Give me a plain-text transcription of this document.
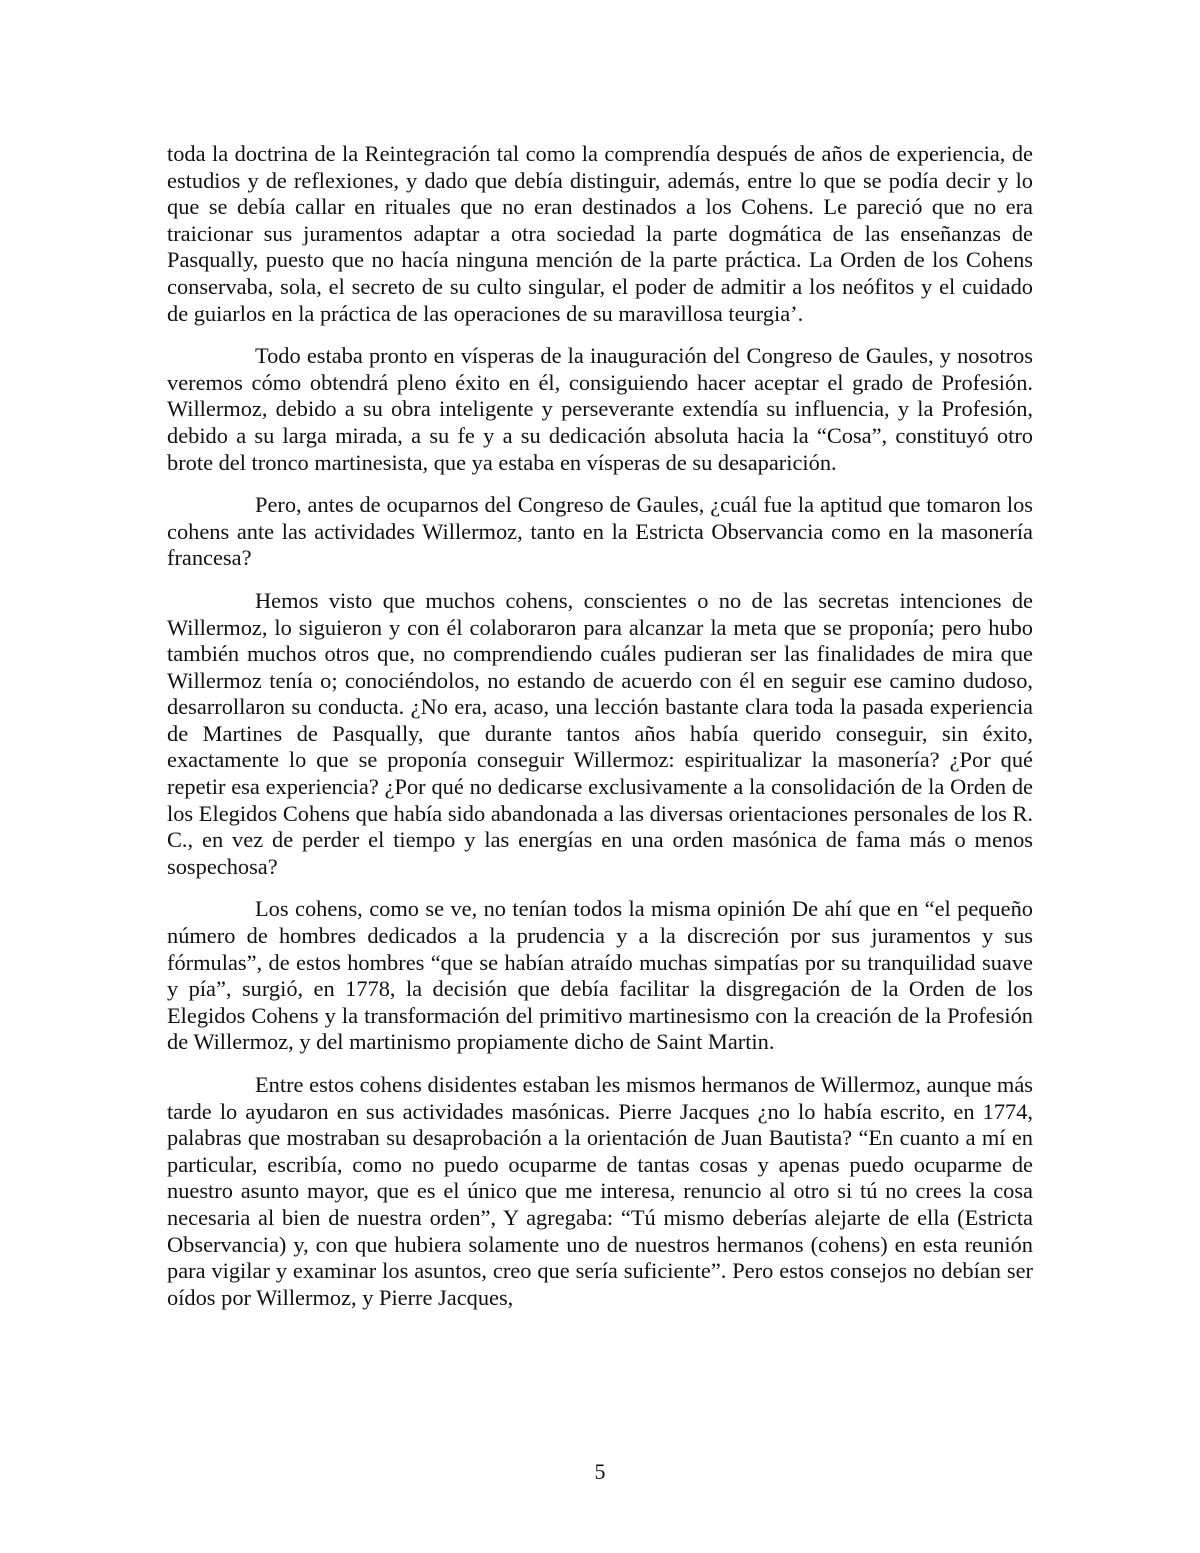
toda la doctrina de la Reintegración tal como la comprendía después de años de experiencia, de estudios y de reflexiones, y dado que debía distinguir, además, entre lo que se podía decir y lo que se debía callar en rituales que no eran destinados a los Cohens. Le pareció que no era traicionar sus juramentos adaptar a otra sociedad la parte dogmática de las enseñanzas de Pasqually, puesto que no hacía ninguna mención de la parte práctica. La Orden de los Cohens conservaba, sola, el secreto de su culto singular, el poder de admitir a los neófitos y el cuidado de guiarlos en la práctica de las operaciones de su maravillosa teurgia’.

Todo estaba pronto en vísperas de la inauguración del Congreso de Gaules, y nosotros veremos cómo obtendrá pleno éxito en él, consiguiendo hacer aceptar el grado de Profesión. Willermoz, debido a su obra inteligente y perseverante extendía su influencia, y la Profesión, debido a su larga mirada, a su fe y a su dedicación absoluta hacia la “Cosa”, constituyó otro brote del tronco martinesista, que ya estaba en vísperas de su desaparición.

Pero, antes de ocuparnos del Congreso de Gaules, ¿cuál fue la aptitud que tomaron los cohens ante las actividades Willermoz, tanto en la Estricta Observancia como en la masonería francesa?

Hemos visto que muchos cohens, conscientes o no de las secretas intenciones de Willermoz, lo siguieron y con él colaboraron para alcanzar la meta que se proponía; pero hubo también muchos otros que, no comprendiendo cuáles pudieran ser las finalidades de mira que Willermoz tenía o; conociéndolos, no estando de acuerdo con él en seguir ese camino dudoso, desarrollaron su conducta. ¿No era, acaso, una lección bastante clara toda la pasada experiencia de Martines de Pasqually, que durante tantos años había querido conseguir, sin éxito, exactamente lo que se proponía conseguir Willermoz: espiritualizar la masonería? ¿Por qué repetir esa experiencia? ¿Por qué no dedicarse exclusivamente a la consolidación de la Orden de los Elegidos Cohens que había sido abandonada a las diversas orientaciones personales de los R. C., en vez de perder el tiempo y las energías en una orden masónica de fama más o menos sospechosa?

Los cohens, como se ve, no tenían todos la misma opinión De ahí que en “el pequeño número de hombres dedicados a la prudencia y a la discreción por sus juramentos y sus fórmulas”, de estos hombres “que se habían atraído muchas simpatías por su tranquilidad suave y pía”, surgió, en 1778, la decisión que debía facilitar la disgregación de la Orden de los Elegidos Cohens y la transformación del primitivo martinesismo con la creación de la Profesión de Willermoz, y del martinismo propiamente dicho de Saint Martin.

Entre estos cohens disidentes estaban les mismos hermanos de Willermoz, aunque más tarde lo ayudaron en sus actividades masónicas. Pierre Jacques ¿no lo había escrito, en 1774, palabras que mostraban su desaprobación a la orientación de Juan Bautista? “En cuanto a mí en particular, escribía, como no puedo ocuparme de tantas cosas y apenas puedo ocuparme de nuestro asunto mayor, que es el único que me interesa, renuncio al otro si tú no crees la cosa necesaria al bien de nuestra orden”, Y agregaba: “Tú mismo deberías alejarte de ella (Estricta Observancia) y, con que hubiera solamente uno de nuestros hermanos (cohens) en esta reunión para vigilar y examinar los asuntos, creo que sería suficiente”. Pero estos consejos no debían ser oídos por Willermoz, y Pierre Jacques,

5
